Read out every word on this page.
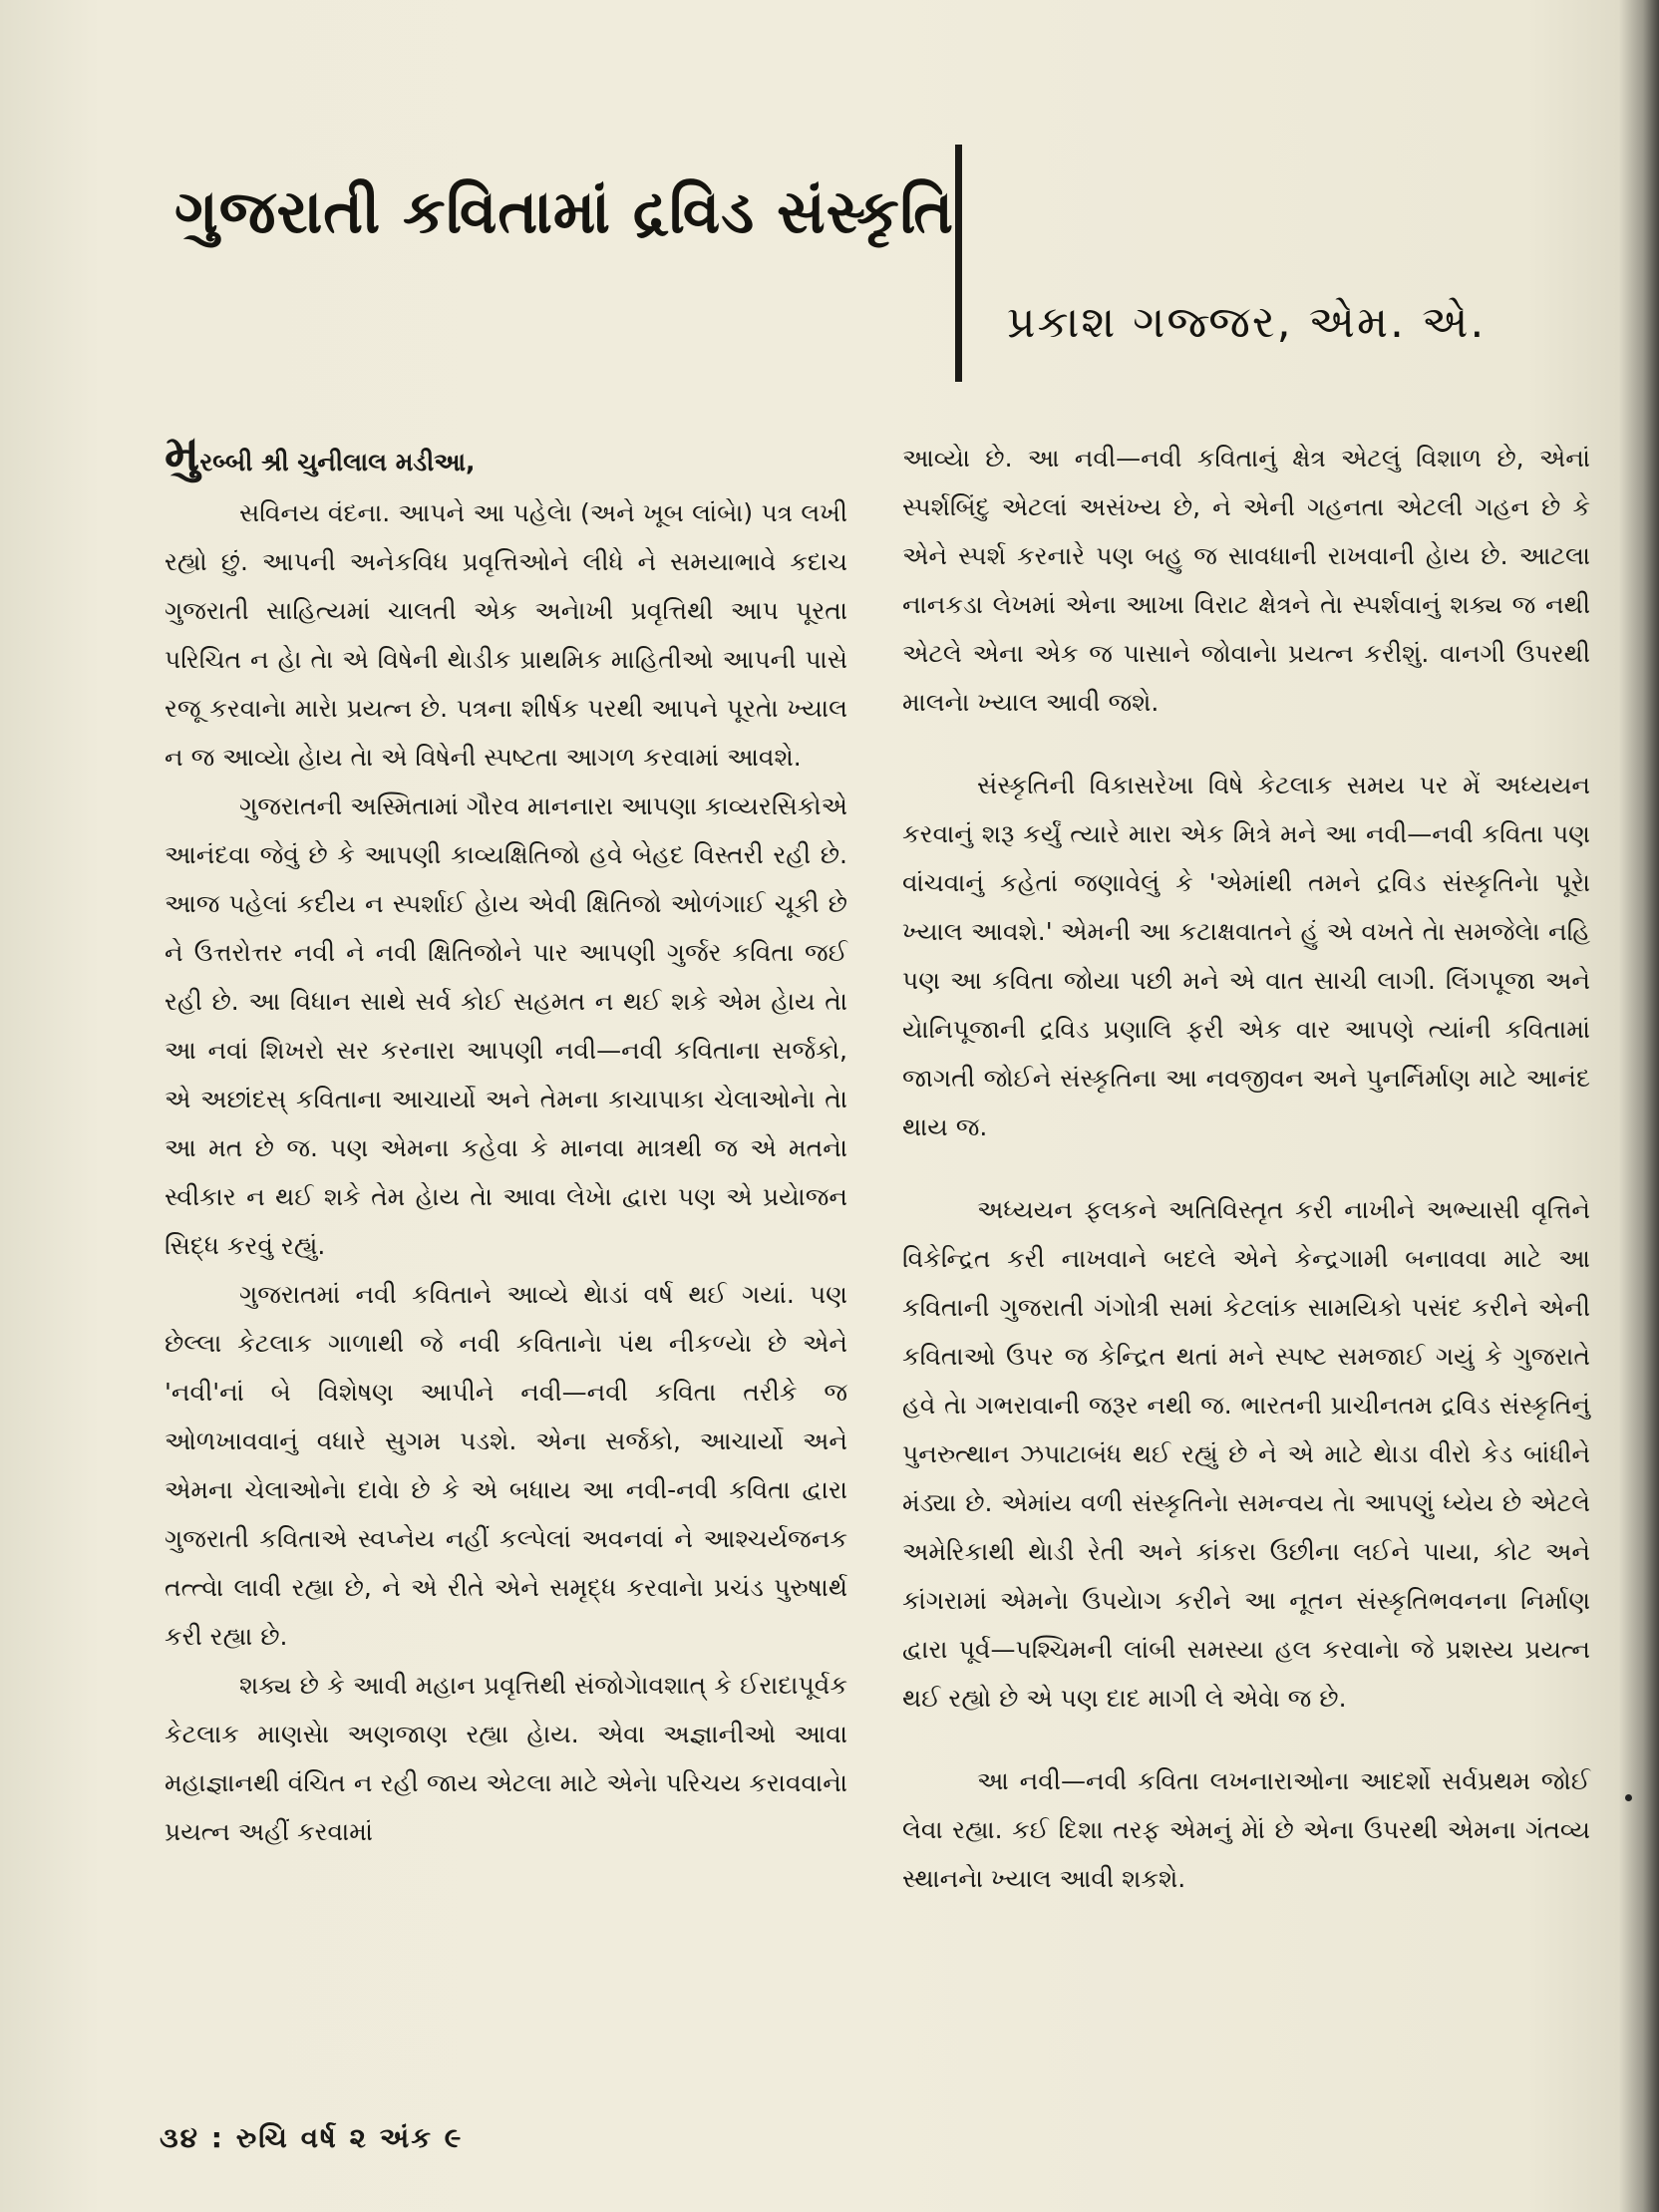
ગુજરાતી કવિતામાં દ્રવિડ સંસ્કૃતિ
પ્રકાશ ગજ્જર, એમ. એ.
મુરબ્બી શ્રી ચુનીલાલ મડીઆ,

સવિનય વંદના. આપને આ પહેલેા (અને ખૂબ લાંબેા) પત્ર લખી રહ્યો છું. આપની અનેકવિધ પ્રવૃત્તિઓને લીધે ને સમયાભાવે કદાચ ગુજરાતી સાહિત્યમાં ચાલતી એક અનેાખી પ્રવૃત્તિથી આપ પૂરતા પરિચિત ન હેા તેા એ વિષેની થેાડીક પ્રાથમિક માહિતીઓ આપની પાસે રજૂ કરવાનેા મારેા પ્રયત્ન છે. પત્રના શીર્ષક પરથી આપને પૂરતેા ખ્યાલ ન જ આવ્યેા હેાય તેા એ વિષેની સ્પષ્ટતા આગળ કરવામાં આવશે.

ગુજરાતની અસ્મિતામાં ગૌરવ માનનારા આપણા કાવ્યરસિકોએ આનંદવા જેવું છે કે આપણી કાવ્યક્ષિતિજો હવે બેહદ વિસ્તરી રહી છે. આજ પહેલાં કદીય ન સ્પર્શાઈ હેાય એવી ક્ષિતિજો ઓળંગાઈ ચૂકી છે ને ઉત્તરોત્તર નવી ને નવી ક્ષિતિજોને પાર આપણી ગુર્જર કવિતા જઈ રહી છે. આ વિધાન સાથે સર્વ કોઈ સહમત ન થઈ શકે એમ હેાય તેા આ નવાં શિખરો સર કરનારા આપણી નવી—નવી કવિતાના સર્જકો, એ અછાંદસ્ કવિતાના આચાર્યો અને તેમના કાચાપાકા ચેલાઓનેા તેા આ મત છે જ. પણ એમના કહેવા કે માનવા માત્રથી જ એ મતનેા સ્વીકાર ન થઈ શકે તેમ હેાય તેા આવા લેખેા દ્વારા પણ એ પ્રયેાજન સિદ્ધ કરવું રહ્યું.

ગુજરાતમાં નવી કવિતાને આવ્યે થેાડાં વર્ષ થઈ ગયાં. પણ છેલ્લા કેટલાક ગાળાથી જે નવી કવિતાનેા પંથ નીકળ્યેા છે એને 'નવી'નાં બે વિશેષણ આપીને નવી—નવી કવિતા તરીકે જ ઓળખાવવાનું વધારે સુગમ પડશે. એના સર્જકો, આચાર્યો અને એમના ચેલાઓનેા દાવેા છે કે એ બધાય આ નવી-નવી કવિતા દ્વારા ગુજરાતી કવિતાએ સ્વપ્નેય નહીં કલ્પેલાં અવનવાં ને આશ્ચર્યજનક તત્ત્વેા લાવી રહ્યા છે, ને એ રીતે એને સમૃદ્ધ કરવાનેા પ્રચંડ પુરુષાર્થ કરી રહ્યા છે.

શક્ય છે કે આવી મહાન પ્રવૃત્તિથી સંજોગેાવશાત્ કે ઈરાદાપૂર્વક કેટલાક માણસેા અણજાણ રહ્યા હેાય. એવા અજ્ઞાનીઓ આવા મહાજ્ઞાનથી વંચિત ન રહી જાય એટલા માટે એનેા પરિચય કરાવવાનેા પ્રયત્ન અહીં કરવામાં

આવ્યેા છે. આ નવી—નવી કવિતાનું ક્ષેત્ર એટલું વિશાળ છે, એનાં સ્પર્શબિંદુ એટલાં અસંખ્ય છે, ને એની ગહનતા એટલી ગહન છે કે એને સ્પર્શ કરનારે પણ બહુ જ સાવધાની રાખવાની હેાય છે. આટલા નાનકડા લેખમાં એના આખા વિરાટ ક્ષેત્રને તેા સ્પર્શવાનું શક્ય જ નથી એટલે એના એક જ પાસાને જોવાનેા પ્રયત્ન કરીશું. વાનગી ઉપરથી માલનેા ખ્યાલ આવી જશે.

સંસ્કૃતિની વિકાસરેખા વિષે કેટલાક સમય પર મેં અધ્યયન કરવાનું શરૂ કર્યું ત્યારે મારા એક મિત્રે મને આ નવી—નવી કવિતા પણ વાંચવાનું કહેતાં જણાવેલું કે 'એમાંથી તમને દ્રવિડ સંસ્કૃતિનેા પૂરેા ખ્યાલ આવશે.' એમની આ કટાક્ષવાતને હું એ વખતે તેા સમજેલેા નહિ પણ આ કવિતા જોયા પછી મને એ વાત સાચી લાગી. લિંગપૂજા અને યેાનિપૂજાની દ્રવિડ પ્રણાલિ ફરી એક વાર આપણે ત્યાંની કવિતામાં જાગતી જોઈને સંસ્કૃતિના આ નવજીવન અને પુનર્નિર્માણ માટે આનંદ થાય જ.

અધ્યયન ફલકને અતિવિસ્તૃત કરી નાખીને અભ્યાસી વૃત્તિને વિકેન્દ્રિત કરી નાખવાને બદલે એને કેન્દ્રગામી બનાવવા માટે આ કવિતાની ગુજરાતી ગંગોત્રી સમાં કેટલાંક સામયિકો પસંદ કરીને એની કવિતાઓ ઉપર જ કેન્દ્રિત થતાં મને સ્પષ્ટ સમજાઈ ગયું કે ગુજરાતે હવે તેા ગભરાવાની જરૂર નથી જ. ભારતની પ્રાચીનતમ દ્રવિડ સંસ્કૃતિનું પુનરુત્થાન ઝપાટાબંધ થઈ રહ્યું છે ને એ માટે થેાડા વીરો કેડ બાંધીને મંડ્યા છે. એમાંય વળી સંસ્કૃતિનેા સમન્વય તેા આપણું ધ્યેય છે એટલે અમેરિકાથી થેાડી રેતી અને કાંકરા ઉછીના લઈને પાયા, કોટ અને કાંગરામાં એમનેા ઉપયેાગ કરીને આ નૂતન સંસ્કૃતિભવનના નિર્માણ દ્વારા પૂર્વ—પશ્ચિમની લાંબી સમસ્યા હલ કરવાનેા જે પ્રશસ્ય પ્રયત્ન થઈ રહ્યો છે એ પણ દાદ માગી લે એવેા જ છે.

આ નવી—નવી કવિતા લખનારાઓના આદર્શો સર્વપ્રથમ જોઈ લેવા રહ્યા. કઈ દિશા તરફ એમનું મેાં છે એના ઉપરથી એમના ગંતવ્ય સ્થાનનેા ખ્યાલ આવી શકશે.

૩૪ : રુચિ વર્ષ ૨ અંક ૯
